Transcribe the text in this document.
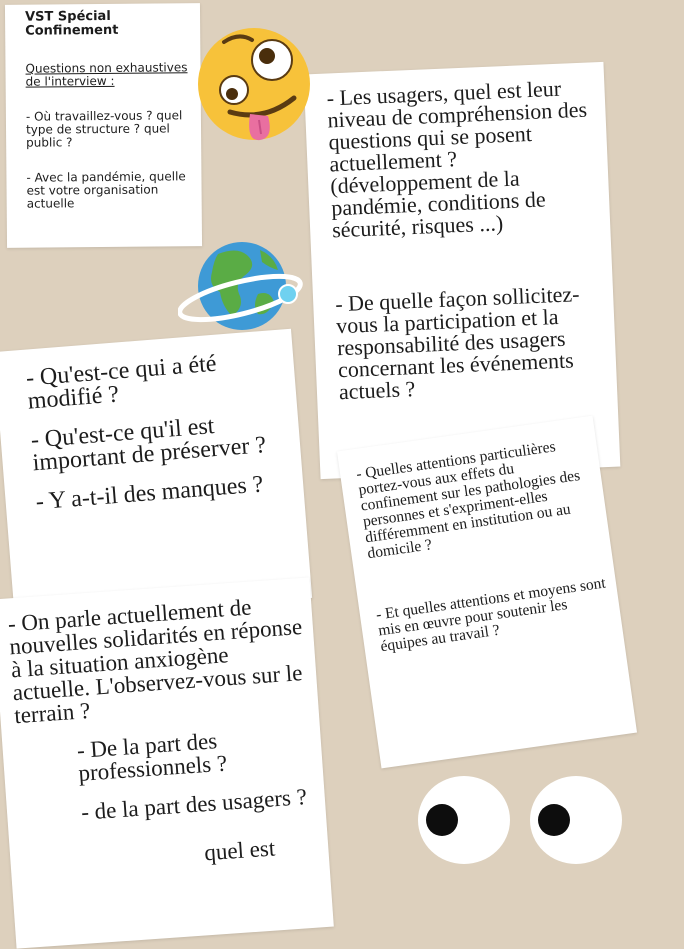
VST Spécial Confinement

Questions non exhaustives de l'interview :

- Où travaillez-vous ? quel type de structure ? quel public ?

- Avec la pandémie, quelle est votre organisation actuelle

- Les usagers, quel est leur niveau de compréhension des questions qui se posent actuellement ? (développement de la pandémie, conditions de sécurité, risques ...)

- De quelle façon sollicitez-vous la participation et la responsabilité des usagers concernant les événements actuels ?

- Quelles attentions particulières portez-vous aux effets du confinement sur les pathologies des personnes et s'expriment-elles différemment en institution ou au domicile ?

- Et quelles attentions et moyens sont mis en œuvre pour soutenir les équipes au travail ?

- Qu'est-ce qui a été modifié ?

- Qu'est-ce qu'il est important de préserver ?

- Y a-t-il des manques ?

- On parle actuellement de nouvelles solidarités en réponse à la situation anxiogène actuelle. L'observez-vous sur le terrain ?

- De la part des professionnels ?

- de la part des usagers ?

quel est
